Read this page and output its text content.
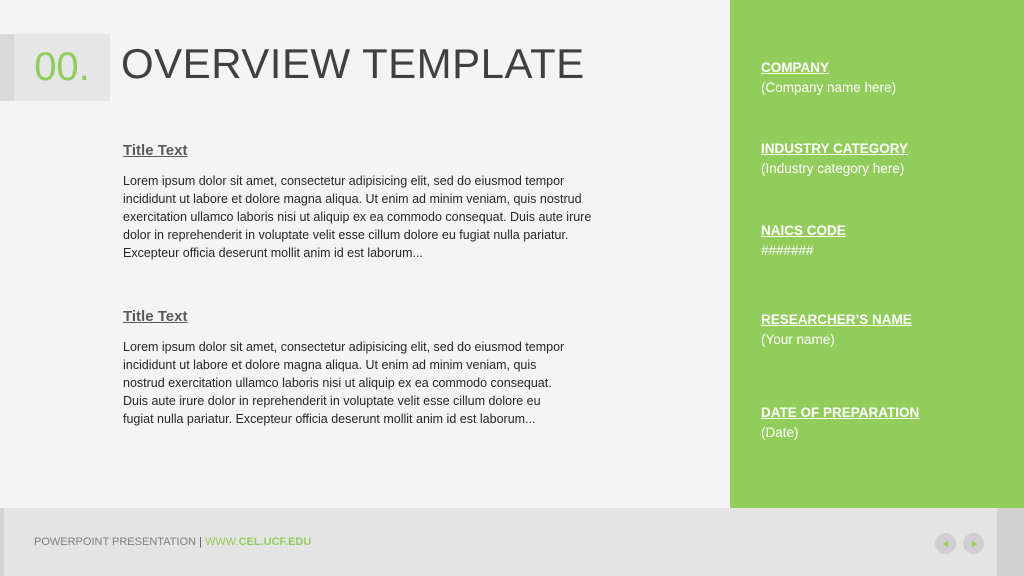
00. OVERVIEW TEMPLATE
Title Text
Lorem ipsum dolor sit amet, consectetur adipisicing elit, sed do eiusmod tempor incididunt ut labore et dolore magna aliqua. Ut enim ad minim veniam, quis nostrud exercitation ullamco laboris nisi ut aliquip ex ea commodo consequat. Duis aute irure dolor in reprehenderit in voluptate velit esse cillum dolore eu fugiat nulla pariatur. Excepteur officia deserunt mollit anim id est laborum...
Title Text
Lorem ipsum dolor sit amet, consectetur adipisicing elit, sed do eiusmod tempor incididunt ut labore et dolore magna aliqua. Ut enim ad minim veniam, quis nostrud exercitation ullamco laboris nisi ut aliquip ex ea commodo consequat. Duis aute irure dolor in reprehenderit in voluptate velit esse cillum dolore eu fugiat nulla pariatur. Excepteur officia deserunt mollit anim id est laborum...
COMPANY
(Company name here)
INDUSTRY CATEGORY
(Industry category here)
NAICS CODE
#######
RESEARCHER’S NAME
(Your name)
DATE OF PREPARATION
(Date)
POWERPOINT PRESENTATION | WWW.CEL.UCF.EDU
